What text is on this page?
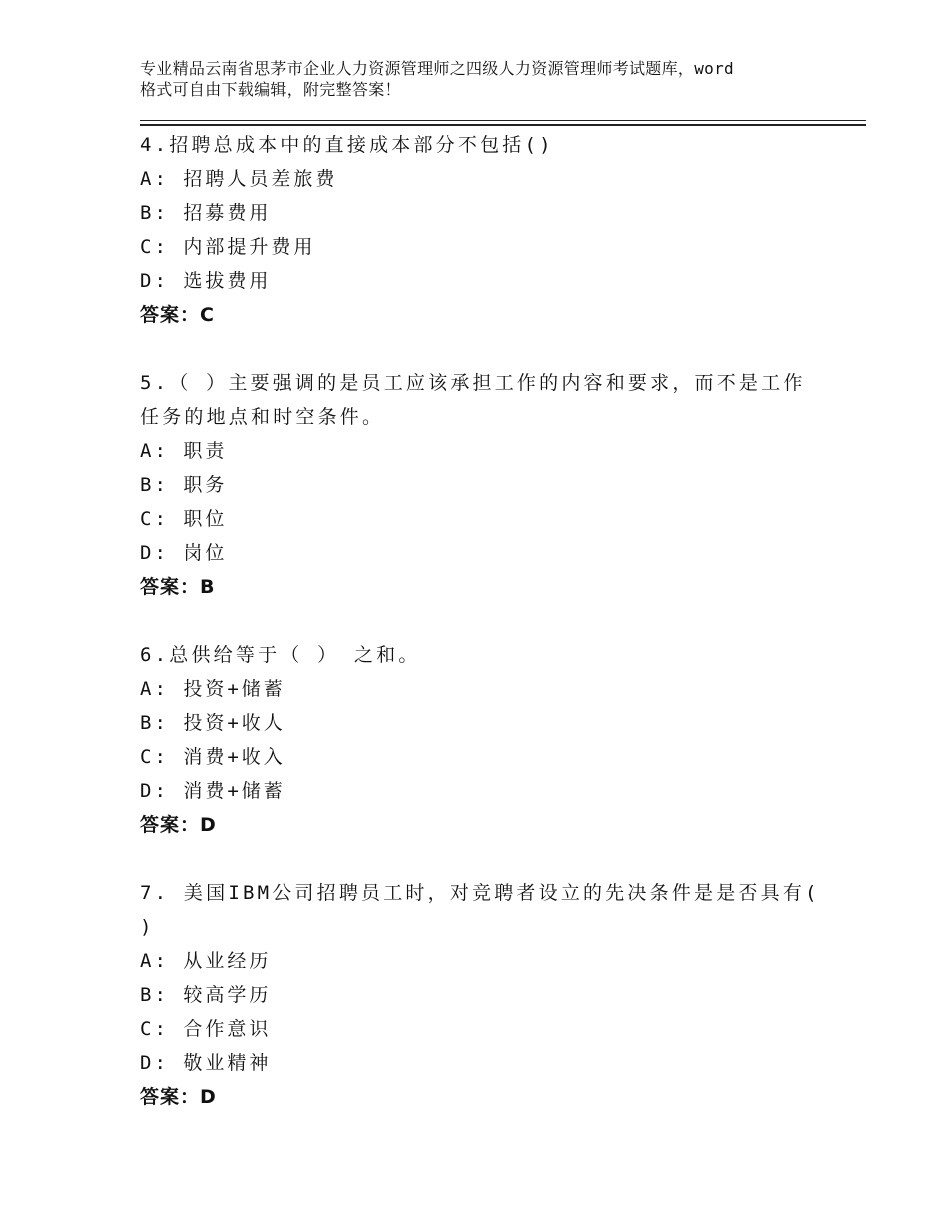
专业精品云南省思茅市企业人力资源管理师之四级人力资源管理师考试题库，word
格式可自由下载编辑，附完整答案！
4.招聘总成本中的直接成本部分不包括()
A: 招聘人员差旅费
B: 招募费用
C: 内部提升费用
D: 选拔费用
答案：C
5.（ ）主要强调的是员工应该承担工作的内容和要求，而不是工作任务的地点和时空条件。
A: 职责
B: 职务
C: 职位
D: 岗位
答案：B
6.总供给等于（ ） 之和。
A: 投资+储蓄
B: 投资+收人
C: 消费+收入
D: 消费+储蓄
答案：D
7. 美国IBM公司招聘员工时，对竞聘者设立的先决条件是是否具有( )
A: 从业经历
B: 较高学历
C: 合作意识
D: 敬业精神
答案：D
